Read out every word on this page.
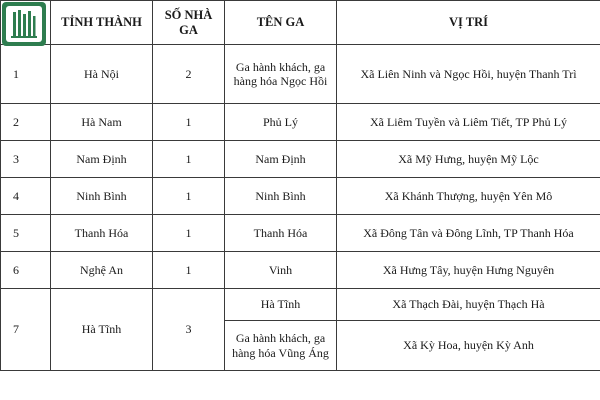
	TỈNH THÀNH	SỐ NHÀ GA	TÊN GA	VỊ TRÍ
1	Hà Nội	2	Ga hành khách, ga hàng hóa Ngọc Hồi	Xã Liên Ninh và Ngọc Hồi, huyện Thanh Trì
2	Hà Nam	1	Phủ Lý	Xã Liêm Tuyền và Liêm Tiết, TP Phủ Lý
3	Nam Định	1	Nam Định	Xã Mỹ Hưng, huyện Mỹ Lộc
4	Ninh Bình	1	Ninh Bình	Xã Khánh Thượng, huyện Yên Mô
5	Thanh Hóa	1	Thanh Hóa	Xã Đông Tân và Đông Lĩnh, TP Thanh Hóa
6	Nghệ An	1	Vinh	Xã Hưng Tây, huyện Hưng Nguyên
7	Hà Tĩnh	3	Hà Tĩnh	Xã Thạch Đài, huyện Thạch Hà
			Ga hành khách, ga hàng hóa Vũng Áng	Xã Kỳ Hoa, huyện Kỳ Anh
